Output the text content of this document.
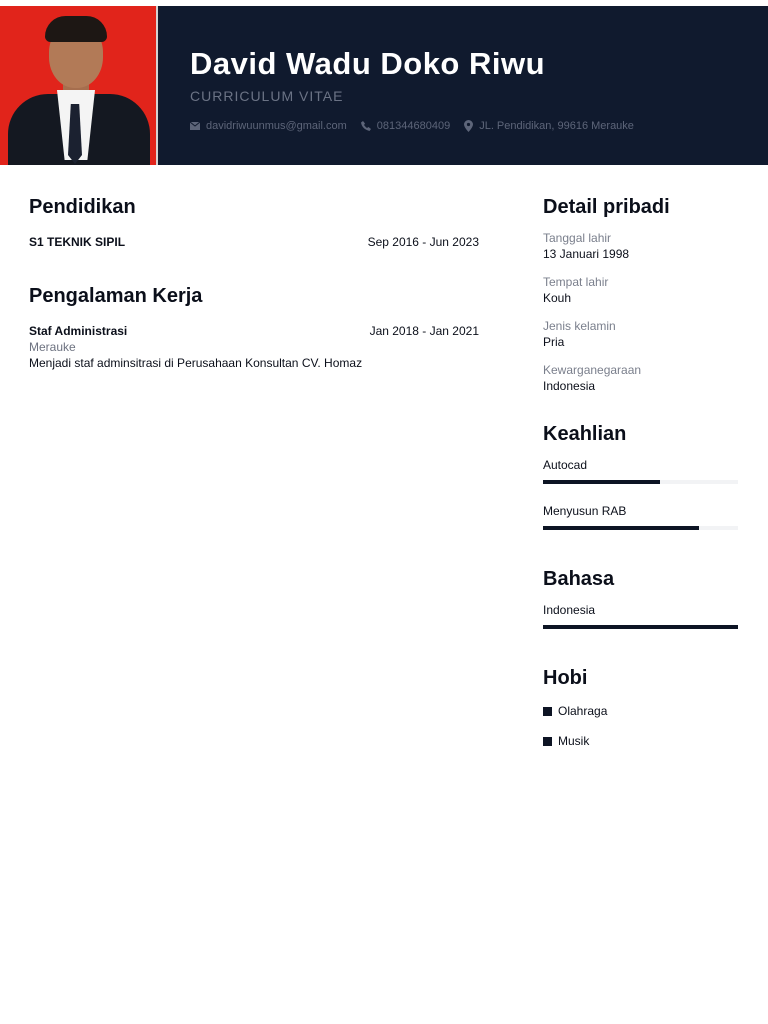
David Wadu Doko Riwu
CURRICULUM VITAE
davidriwuunmus@gmail.com	081344680409	JL. Pendidikan, 99616 Merauke
Pendidikan
S1 TEKNIK SIPIL	Sep 2016 - Jun 2023
Pengalaman Kerja
Staf Administrasi	Jan 2018 - Jan 2021
Merauke
Menjadi staf adminsitrasi di Perusahaan Konsultan CV. Homaz
Detail pribadi
Tanggal lahir
13 Januari 1998
Tempat lahir
Kouh
Jenis kelamin
Pria
Kewarganegaraan
Indonesia
Keahlian
Autocad
Menyusun RAB
Bahasa
Indonesia
Hobi
Olahraga
Musik
